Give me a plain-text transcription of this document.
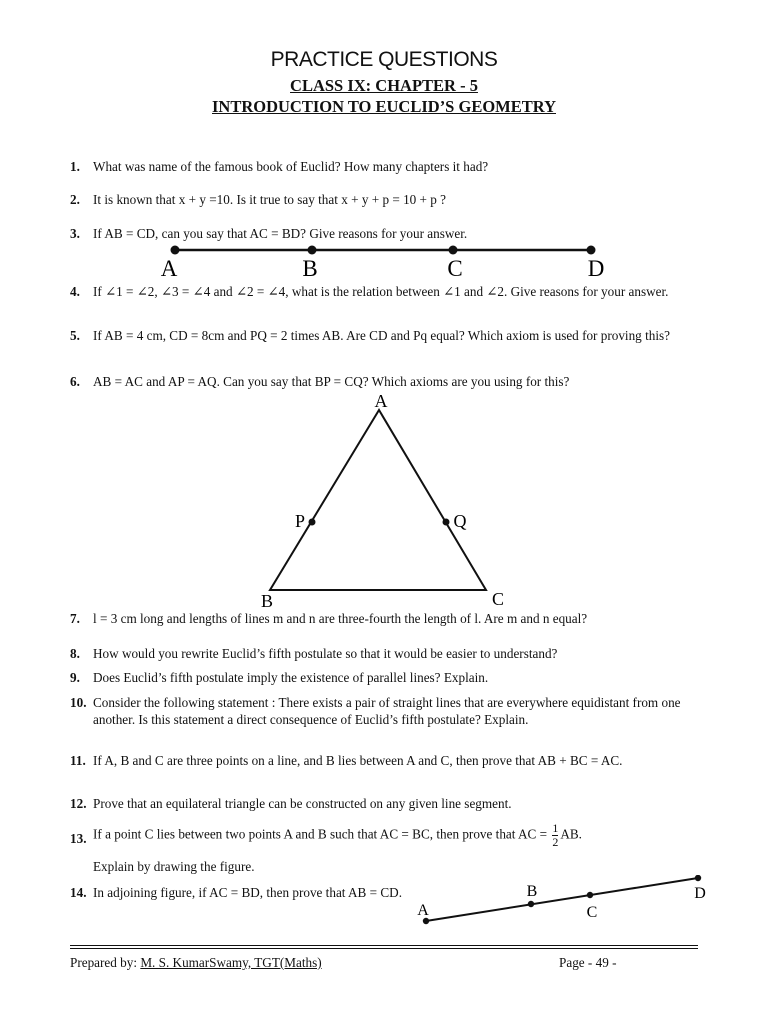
PRACTICE QUESTIONS
CLASS IX: CHAPTER - 5
INTRODUCTION TO EUCLID’S GEOMETRY
1. What was name of the famous book of Euclid? How many chapters it had?
2. It is known that x + y =10. Is it true to say that x + y + p = 10 + p ?
3. If AB = CD, can you say that AC = BD? Give reasons for your answer.
A	B	C	D
4. If ∠1 = ∠2, ∠3 = ∠4 and ∠2 = ∠4, what is the relation between ∠1 and ∠2. Give reasons for your answer.
5. If AB = 4 cm, CD = 8cm and PQ = 2 times AB. Are CD and Pq equal? Which axiom is used for proving this?
6. AB = AC and AP = AQ. Can you say that BP = CQ? Which axioms are you using for this?
A
P	Q
B	C
7. l = 3 cm long and lengths of lines m and n are three-fourth the length of l. Are m and n equal?
8. How would you rewrite Euclid’s fifth postulate so that it would be easier to understand?
9. Does Euclid’s fifth postulate imply the existence of parallel lines? Explain.
10. Consider the following statement : There exists a pair of straight lines that are everywhere equidistant from one another. Is this statement a direct consequence of Euclid’s fifth postulate? Explain.
11. If A, B and C are three points on a line, and B lies between A and C, then prove that AB + BC = AC.
12. Prove that an equilateral triangle can be constructed on any given line segment.
13. If a point C lies between two points A and B such that AC = BC, then prove that AC = $\frac{1}{2}$ AB.
Explain by drawing the figure.
14. In adjoining figure, if AC = BD, then prove that AB = CD.
A
B
C
D
Prepared by: M. S. KumarSwamy, TGT(Maths)	Page - 49 -
